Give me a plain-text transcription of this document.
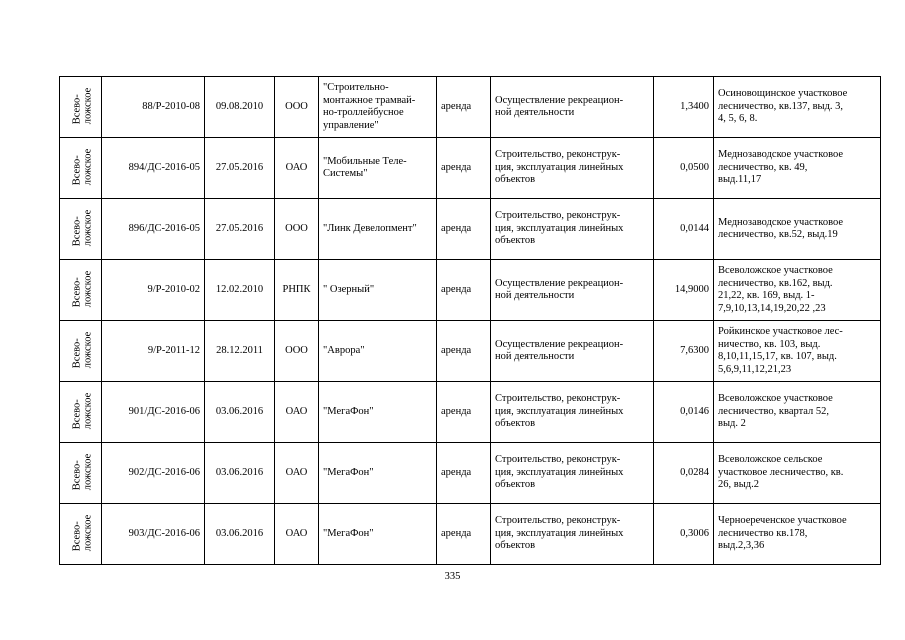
Всево-
ложское	88/Р-2010-08	09.08.2010	ООО	"Строительно-
монтажное трамвай-
но-троллейбусное
управление"	аренда	Осуществление рекреацион-
ной деятельности	1,3400	Осиновощинское участковое
лесничество, кв.137, выд. 3,
4, 5, 6, 8.
Всево-
ложское	894/ДС-2016-05	27.05.2016	ОАО	"Мобильные Теле-
Системы"	аренда	Строительство, реконструк-
ция, эксплуатация линейных
объектов	0,0500	Меднозаводское участковое
лесничество, кв. 49,
выд.11,17
Всево-
ложское	896/ДС-2016-05	27.05.2016	ООО	"Линк Девелопмент"	аренда	Строительство, реконструк-
ция, эксплуатация линейных
объектов	0,0144	Меднозаводское участковое
лесничество, кв.52, выд.19
Всево-
ложское	9/Р-2010-02	12.02.2010	РНПК	" Озерный"	аренда	Осуществление рекреацион-
ной деятельности	14,9000	Всеволожское участковое
лесничество, кв.162, выд.
21,22, кв. 169, выд. 1-
7,9,10,13,14,19,20,22 ,23
Всево-
ложское	9/Р-2011-12	28.12.2011	ООО	"Аврора"	аренда	Осуществление рекреацион-
ной деятельности	7,6300	Ройкинское участковое лес-
ничество, кв. 103, выд.
8,10,11,15,17, кв. 107, выд.
5,6,9,11,12,21,23
Всево-
ложское	901/ДС-2016-06	03.06.2016	ОАО	"МегаФон"	аренда	Строительство, реконструк-
ция, эксплуатация линейных
объектов	0,0146	Всеволожское участковое
лесничество, квартал 52,
выд. 2
Всево-
ложское	902/ДС-2016-06	03.06.2016	ОАО	"МегаФон"	аренда	Строительство, реконструк-
ция, эксплуатация линейных
объектов	0,0284	Всеволожское сельское
участковое лесничество, кв.
26, выд.2
Всево-
ложское	903/ДС-2016-06	03.06.2016	ОАО	"МегаФон"	аренда	Строительство, реконструк-
ция, эксплуатация линейных
объектов	0,3006	Черноереченское участковое
лесничество кв.178,
выд.2,3,36
335
